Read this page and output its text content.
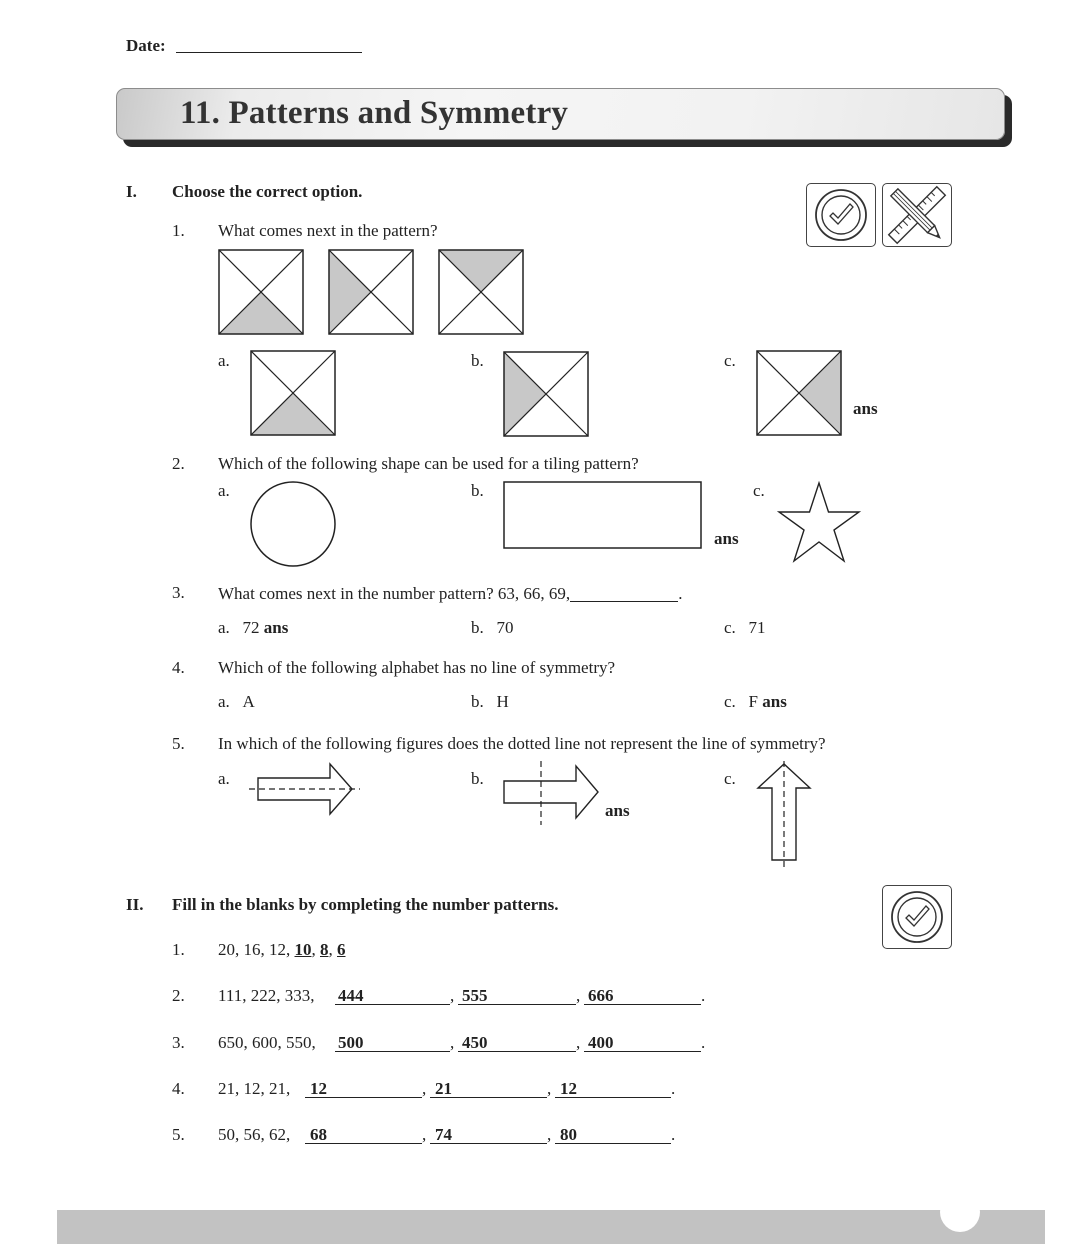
Date:
11. Patterns and Symmetry
I. Choose the correct option.
1. What comes next in the pattern?
a.	b.	c.
ans
2. Which of the following shape can be used for a tiling pattern?
a.	b.
ans
c.
3. What comes next in the number pattern? 63, 66, 69,	.
a. 72 ans	b. 70	c. 71
4. Which of the following alphabet has no line of symmetry?
a. A	b. H	c. F ans
5. In which of the following figures does the dotted line not represent the line of symmetry?
a.	b.
ans
c.
II. Fill in the blanks by completing the number patterns.
1. 20, 16, 12, 10, 8, 6
2. 111, 222, 333, 444	, 555	, 666	.
3. 650, 600, 550, 500	, 450	, 400	.
4. 21, 12, 21, 12	, 21	, 12	.
5. 50, 56, 62, 68	, 74	, 80	.
